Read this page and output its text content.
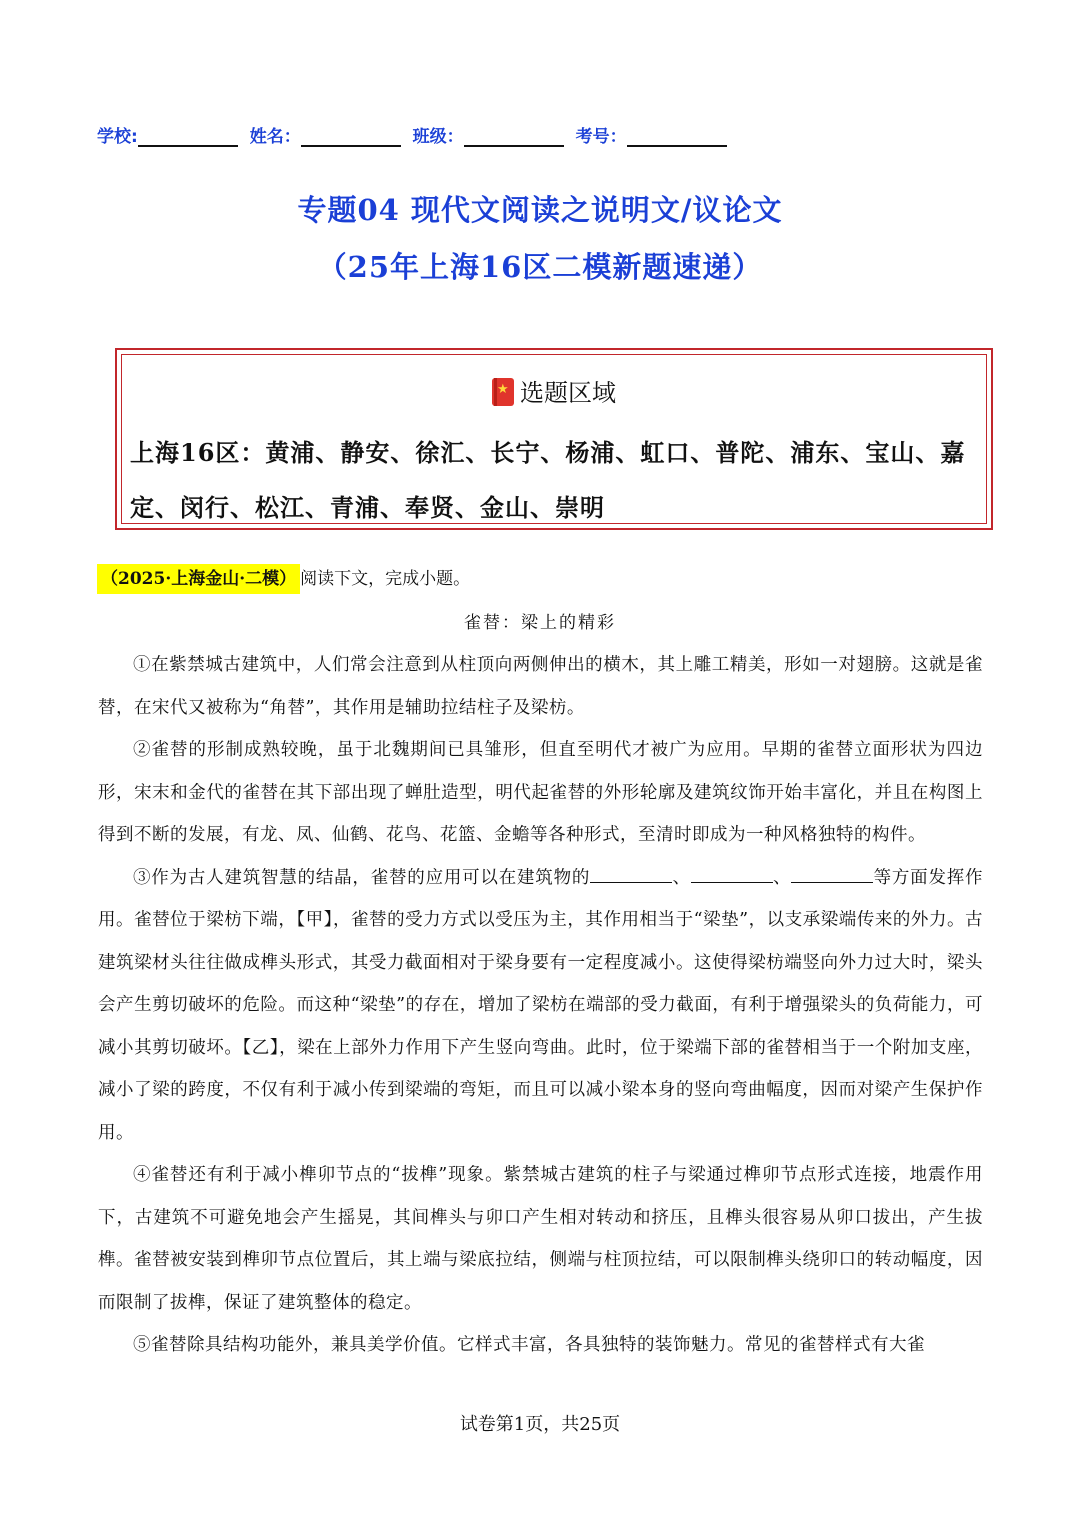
学校:	姓名：	班级：	考号：
专题04 现代文阅读之说明文/议论文
（25年上海16区二模新题速递）
★选题区域
上海16区：黄浦、静安、徐汇、长宁、杨浦、虹口、普陀、浦东、宝山、嘉定、闵行、松江、青浦、奉贤、金山、崇明
（2025·上海金山·二模） 阅读下文，完成小题。
雀替：梁上的精彩

①在紫禁城古建筑中，人们常会注意到从柱顶向两侧伸出的横木，其上雕工精美，形如一对翅膀。这就是雀替，在宋代又被称为“角替”，其作用是辅助拉结柱子及梁枋。

②雀替的形制成熟较晚，虽于北魏期间已具雏形，但直至明代才被广为应用。早期的雀替立面形状为四边形，宋末和金代的雀替在其下部出现了蝉肚造型，明代起雀替的外形轮廓及建筑纹饰开始丰富化，并且在构图上得到不断的发展，有龙、凤、仙鹤、花鸟、花篮、金蟾等各种形式，至清时即成为一种风格独特的构件。

③作为古人建筑智慧的结晶，雀替的应用可以在建筑物的	、	、	等方面发挥作用。雀替位于梁枋下端，【甲】，雀替的受力方式以受压为主，其作用相当于“梁垫”，以支承梁端传来的外力。古建筑梁材头往往做成榫头形式，其受力截面相对于梁身要有一定程度减小。这使得梁枋端竖向外力过大时，梁头会产生剪切破坏的危险。而这种“梁垫”的存在，增加了梁枋在端部的受力截面，有利于增强梁头的负荷能力，可减小其剪切破坏。【乙】，梁在上部外力作用下产生竖向弯曲。此时，位于梁端下部的雀替相当于一个附加支座，减小了梁的跨度，不仅有利于减小传到梁端的弯矩，而且可以减小梁本身的竖向弯曲幅度，因而对梁产生保护作用。

④雀替还有利于减小榫卯节点的“拔榫”现象。紫禁城古建筑的柱子与梁通过榫卯节点形式连接，地震作用下，古建筑不可避免地会产生摇晃，其间榫头与卯口产生相对转动和挤压，且榫头很容易从卯口拔出，产生拔榫。雀替被安装到榫卯节点位置后，其上端与梁底拉结，侧端与柱顶拉结，可以限制榫头绕卯口的转动幅度，因而限制了拔榫，保证了建筑整体的稳定。

⑤雀替除具结构功能外，兼具美学价值。它样式丰富，各具独特的装饰魅力。常见的雀替样式有大雀

试卷第1页，共25页
